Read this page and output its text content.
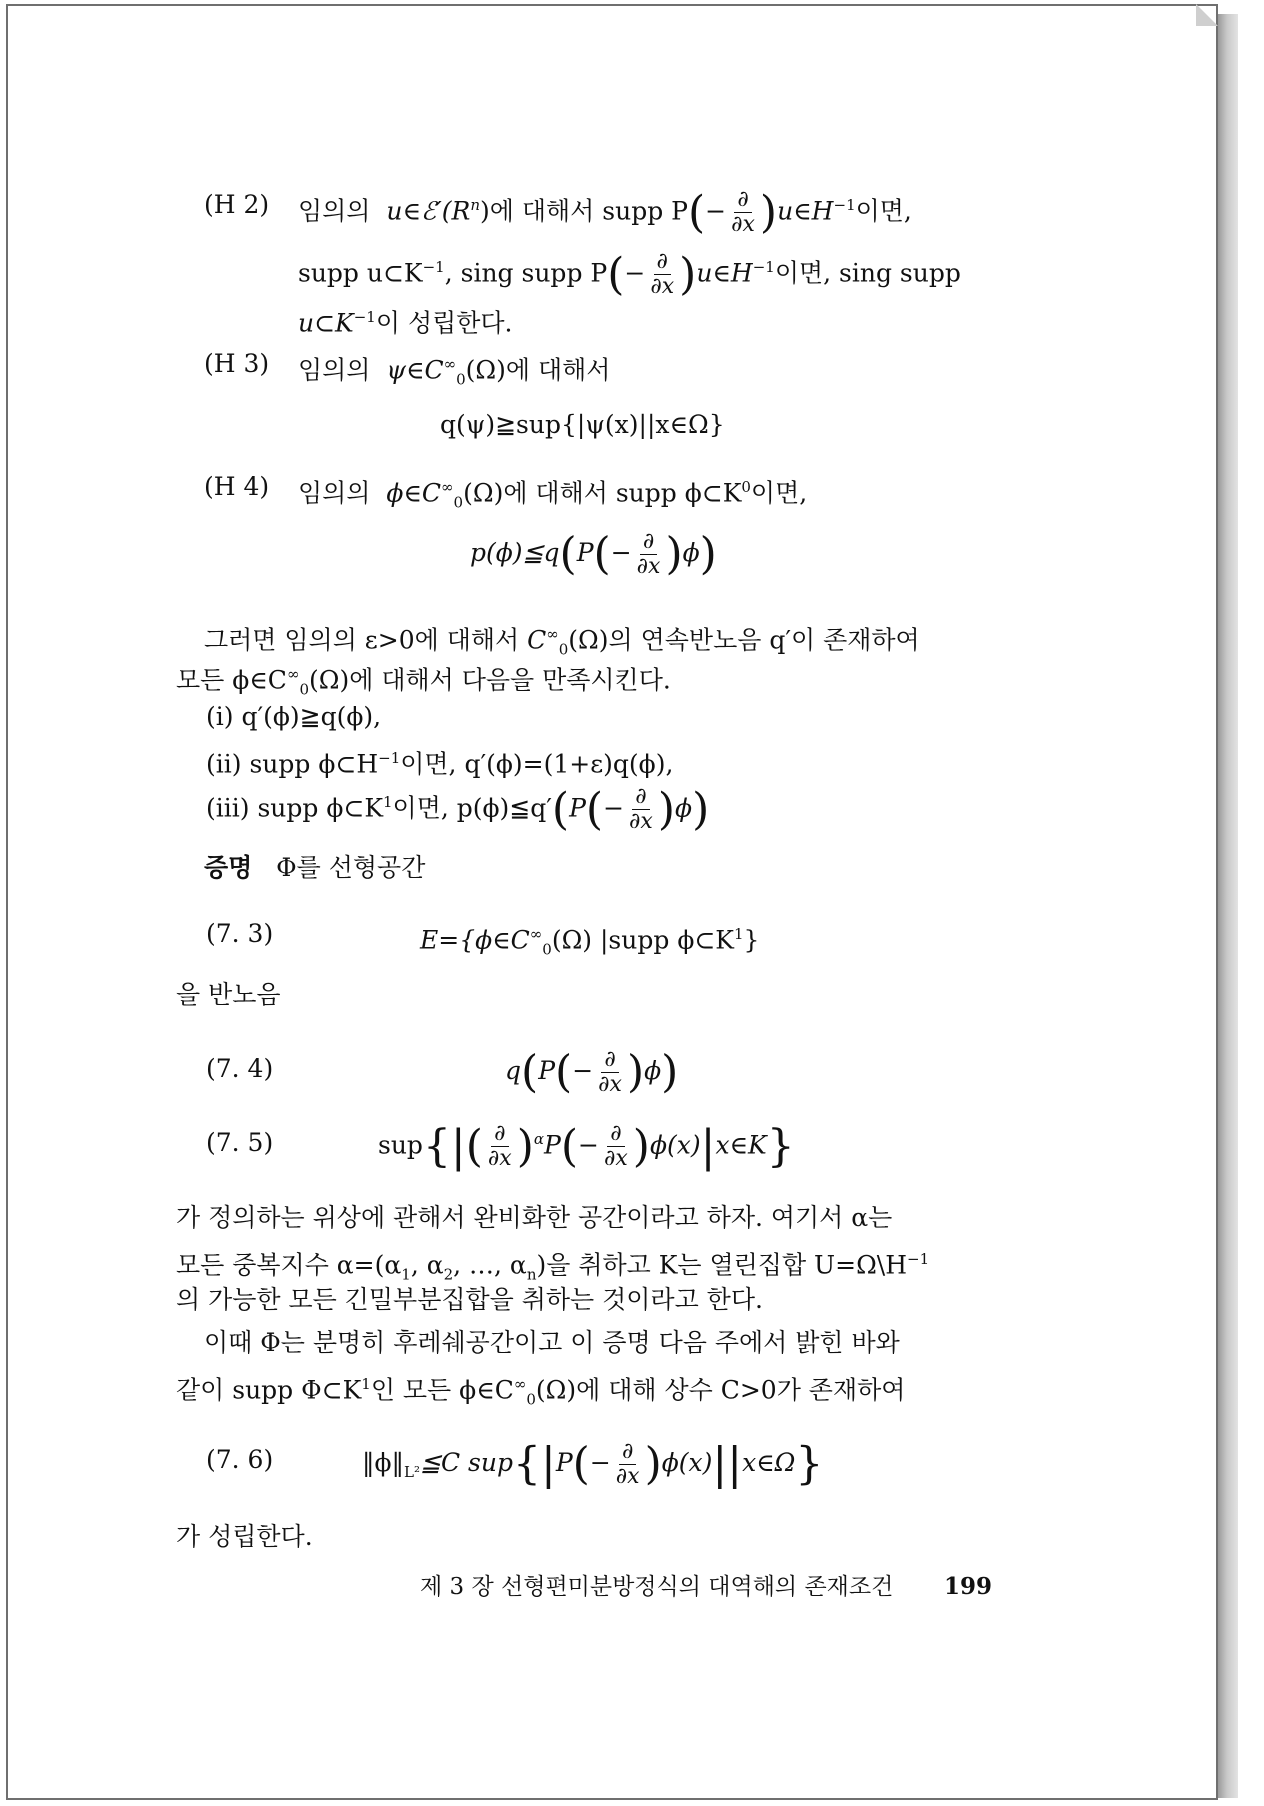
(H 2) 임의의 $u\in ℰ'(R^n)$에 대해서 supp $P(- \frac{\partial}{\partial x}$ )$u\in H^{-1}$이면,
supp $u\subset K^{-1}$, sing supp $P(- \frac{\partial}{\partial x}$ )$u\in H^{-1}$이면, sing supp
$u\subset K^{-1}$이 성립한다.
(H 3) 임의의 $\psi\in C^\infty_0(\Omega)$에 대해서
q(ψ)≧sup{|ψ(x)||x∈Ω}
(H 4) 임의의 $\phi\in C^\infty_0(\Omega)$에 대해서 supp $\phi\subset K^0$이면,
p(ϕ)≦q(P(− $\frac{\partial}{\partial x} )\phi$)
그러면 임의의 ε>0에 대해서 $C^\infty_0(\Omega)$의 연속반노음 q′이 존재하여
모든 $\phi\in C^\infty_0(\Omega)$에 대해서 다음을 만족시킨다.
(i) q′(ϕ)≧q(ϕ),
(ii) supp $\phi\subset H^{-1}$이면, q′(ϕ)=(1+ε)q(ϕ),
(iii) supp $\phi\subset K^1$이면, p(ϕ)≦q′(P(− $\frac{\partial}{\partial x} )\phi$)
증명 Φ를 선형공간
(7. 3)	$E=\{\phi\in C^\infty_0(\Omega)$ |supp $\phi\subset K^1$}
을 반노음
(7. 4)	$q(P(- \frac{\partial}{\partial x} )\phi)$
(7. 5)	$sup\{|( \frac{\partial}{\partial x} )^\alpha P(- \frac{\partial}{\partial x}$ )ϕ(x)|x∈K}
가 정의하는 위상에 관해서 완비화한 공간이라고 하자. 여기서 α는
모든 중복지수 $\alpha=(\alpha_1$, $\alpha_2$, …, $\alpha_n$)을 취하고 K는 열린집합 $U=\Omega\backslash H^{-1}$
의 가능한 모든 긴밀부분집합을 취하는 것이라고 한다.
이때 Φ는 분명히 후레쉐공간이고 이 증명 다음 주에서 밝힌 바와
같이 supp $\Phi\subset K^1$인 모든 $\phi\in C^\infty_0(\Omega)$에 대해 상수 C>0가 존재하여
(7. 6)	$‖\phi‖_{L^2}≦C$ $sup\{|P(- \frac{\partial}{\partial x}$ )ϕ(x)||x∈Ω}
가 성립한다.
제 3 장 선형편미분방정식의 대역해의 존재조건 199
